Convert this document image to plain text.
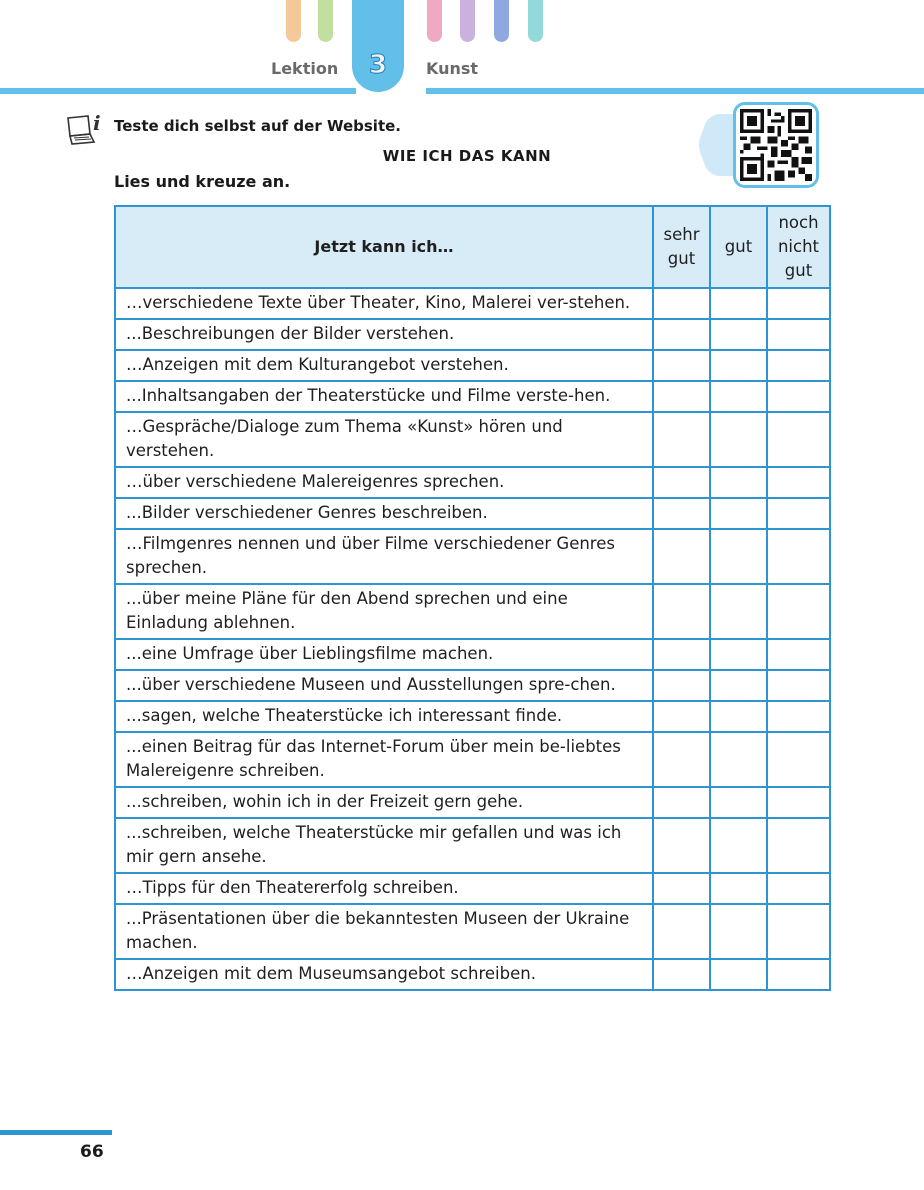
3
Lektion	Kunst
i Teste dich selbst auf der Website.
WIE ICH DAS KANN
Lies und kreuze an.
Jetzt kann ich…	sehr gut	gut	noch nicht gut
…verschiedene Texte über Theater, Kino, Malerei ver-stehen.			
...Beschreibungen der Bilder verstehen.			
…Anzeigen mit dem Kulturangebot verstehen.			
...Inhaltsangaben der Theaterstücke und Filme verste-hen.			
…Gespräche/Dialoge zum Thema «Kunst» hören und verstehen.			
…über verschiedene Malereigenres sprechen.			
...Bilder verschiedener Genres beschreiben.			
…Filmgenres nennen und über Filme verschiedener Genres sprechen.			
...über meine Pläne für den Abend sprechen und eine Einladung ablehnen.			
...eine Umfrage über Lieblingsfilme machen.			
...über verschiedene Museen und Ausstellungen spre-chen.			
...sagen, welche Theaterstücke ich interessant finde.			
...einen Beitrag für das Internet-Forum über mein be-liebtes Malereigenre schreiben.			
...schreiben, wohin ich in der Freizeit gern gehe.			
...schreiben, welche Theaterstücke mir gefallen und was ich mir gern ansehe.			
…Tipps für den Theatererfolg schreiben.			
...Präsentationen über die bekanntesten Museen der Ukraine machen.			
…Anzeigen mit dem Museumsangebot schreiben.			
66
